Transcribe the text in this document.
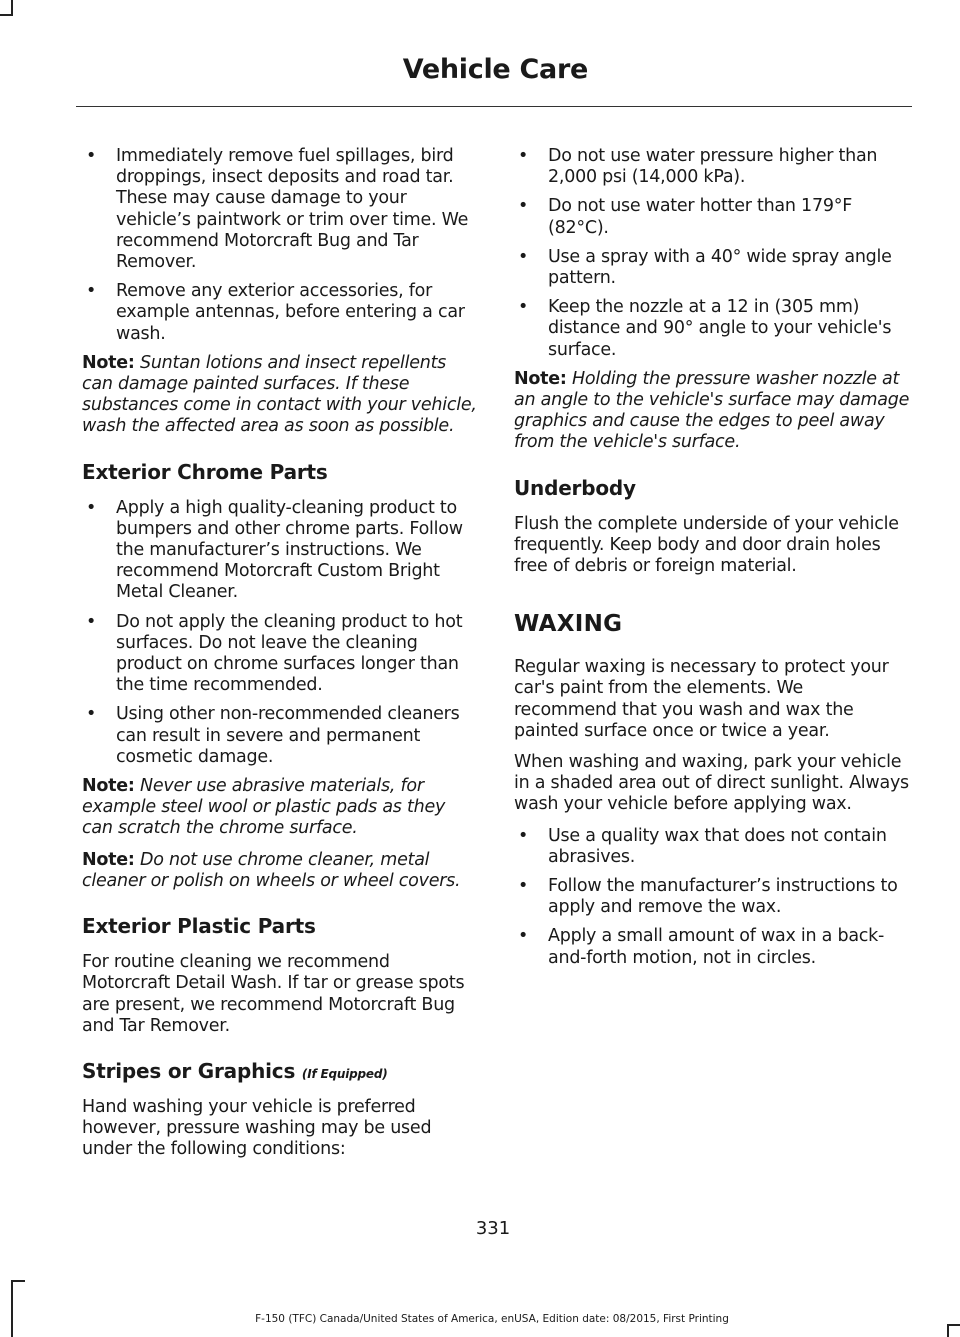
Vehicle Care
• Immediately remove fuel spillages, bird droppings, insect deposits and road tar. These may cause damage to your vehicle’s paintwork or trim over time. We recommend Motorcraft Bug and Tar Remover.
• Remove any exterior accessories, for example antennas, before entering a car wash.

Note: Suntan lotions and insect repellents can damage painted surfaces. If these substances come in contact with your vehicle, wash the affected area as soon as possible.

Exterior Chrome Parts
• Apply a high quality-cleaning product to bumpers and other chrome parts. Follow the manufacturer’s instructions. We recommend Motorcraft Custom Bright Metal Cleaner.
• Do not apply the cleaning product to hot surfaces. Do not leave the cleaning product on chrome surfaces longer than the time recommended.
• Using other non-recommended cleaners can result in severe and permanent cosmetic damage.

Note: Never use abrasive materials, for example steel wool or plastic pads as they can scratch the chrome surface.

Note: Do not use chrome cleaner, metal cleaner or polish on wheels or wheel covers.

Exterior Plastic Parts

For routine cleaning we recommend Motorcraft Detail Wash. If tar or grease spots are present, we recommend Motorcraft Bug and Tar Remover.

Stripes or Graphics (If Equipped)

Hand washing your vehicle is preferred however, pressure washing may be used under the following conditions:

• Do not use water pressure higher than 2,000 psi (14,000 kPa).
• Do not use water hotter than 179°F (82°C).
• Use a spray with a 40° wide spray angle pattern.
• Keep the nozzle at a 12 in (305 mm) distance and 90° angle to your vehicle's surface.

Note: Holding the pressure washer nozzle at an angle to the vehicle's surface may damage graphics and cause the edges to peel away from the vehicle's surface.

Underbody

Flush the complete underside of your vehicle frequently. Keep body and door drain holes free of debris or foreign material.

WAXING

Regular waxing is necessary to protect your car's paint from the elements. We recommend that you wash and wax the painted surface once or twice a year.

When washing and waxing, park your vehicle in a shaded area out of direct sunlight. Always wash your vehicle before applying wax.

• Use a quality wax that does not contain abrasives.
• Follow the manufacturer’s instructions to apply and remove the wax.
• Apply a small amount of wax in a back-and-forth motion, not in circles.
331
F-150 (TFC) Canada/United States of America, enUSA, Edition date: 08/2015, First Printing
